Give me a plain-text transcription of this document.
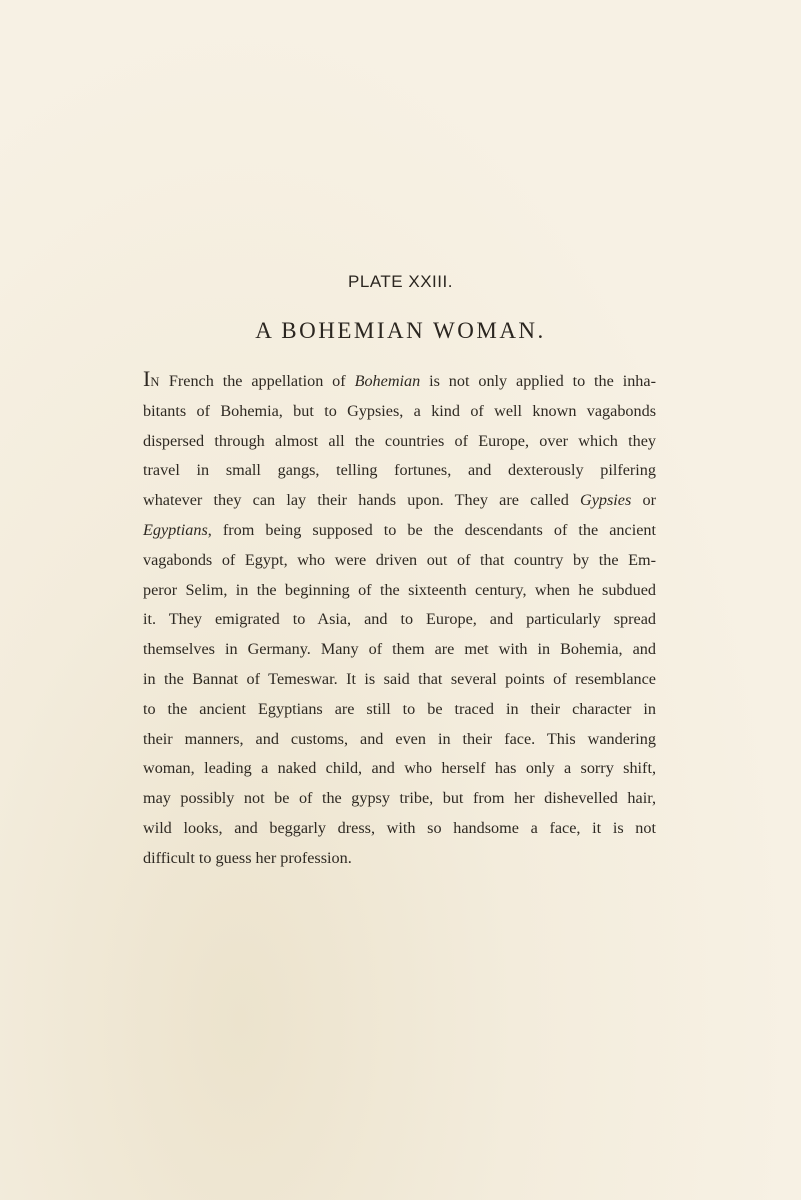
PLATE XXIII.
A BOHEMIAN WOMAN.
IN French the appellation of Bohemian is not only applied to the inha-
bitants of Bohemia, but to Gypsies, a kind of well known vagabonds
dispersed through almost all the countries of Europe, over which they
travel in small gangs, telling fortunes, and dexterously pilfering
whatever they can lay their hands upon. They are called Gypsies or
Egyptians, from being supposed to be the descendants of the ancient
vagabonds of Egypt, who were driven out of that country by the Em-
peror Selim, in the beginning of the sixteenth century, when he subdued
it. They emigrated to Asia, and to Europe, and particularly spread
themselves in Germany. Many of them are met with in Bohemia, and
in the Bannat of Temeswar. It is said that several points of resemblance
to the ancient Egyptians are still to be traced in their character in
their manners, and customs, and even in their face. This wandering
woman, leading a naked child, and who herself has only a sorry shift,
may possibly not be of the gypsy tribe, but from her dishevelled hair,
wild looks, and beggarly dress, with so handsome a face, it is not
difficult to guess her profession.
